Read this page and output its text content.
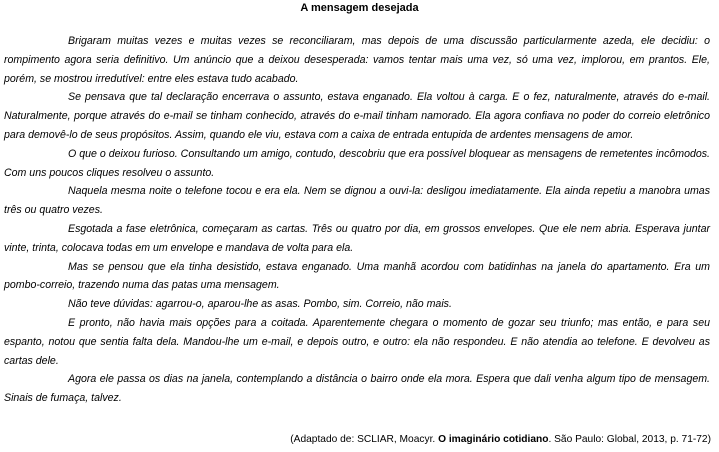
A mensagem desejada

Brigaram muitas vezes e muitas vezes se reconciliaram, mas depois de uma discussão particularmente azeda, ele decidiu: o rompimento agora seria definitivo. Um anúncio que a deixou desesperada: vamos tentar mais uma vez, só uma vez, implorou, em prantos. Ele, porém, se mostrou irredutível: entre eles estava tudo acabado.

Se pensava que tal declaração encerrava o assunto, estava enganado. Ela voltou à carga. E o fez, naturalmente, através do e-mail. Naturalmente, porque através do e-mail se tinham conhecido, através do e-mail tinham namorado. Ela agora confiava no poder do correio eletrônico para demovê-lo de seus propósitos. Assim, quando ele viu, estava com a caixa de entrada entupida de ardentes mensagens de amor.

O que o deixou furioso. Consultando um amigo, contudo, descobriu que era possível bloquear as mensagens de remetentes incômodos. Com uns poucos cliques resolveu o assunto.

Naquela mesma noite o telefone tocou e era ela. Nem se dignou a ouvi-la: desligou imediatamente. Ela ainda repetiu a manobra umas três ou quatro vezes.

Esgotada a fase eletrônica, começaram as cartas. Três ou quatro por dia, em grossos envelopes. Que ele nem abria. Esperava juntar vinte, trinta, colocava todas em um envelope e mandava de volta para ela.

Mas se pensou que ela tinha desistido, estava enganado. Uma manhã acordou com batidinhas na janela do apartamento. Era um pombo-correio, trazendo numa das patas uma mensagem.

Não teve dúvidas: agarrou-o, aparou-lhe as asas. Pombo, sim. Correio, não mais.

E pronto, não havia mais opções para a coitada. Aparentemente chegara o momento de gozar seu triunfo; mas então, e para seu espanto, notou que sentia falta dela. Mandou-lhe um e-mail, e depois outro, e outro: ela não respondeu. E não atendia ao telefone. E devolveu as cartas dele.

Agora ele passa os dias na janela, contemplando a distância o bairro onde ela mora. Espera que dali venha algum tipo de mensagem. Sinais de fumaça, talvez.

(Adaptado de: SCLIAR, Moacyr. O imaginário cotidiano. São Paulo: Global, 2013, p. 71-72)
